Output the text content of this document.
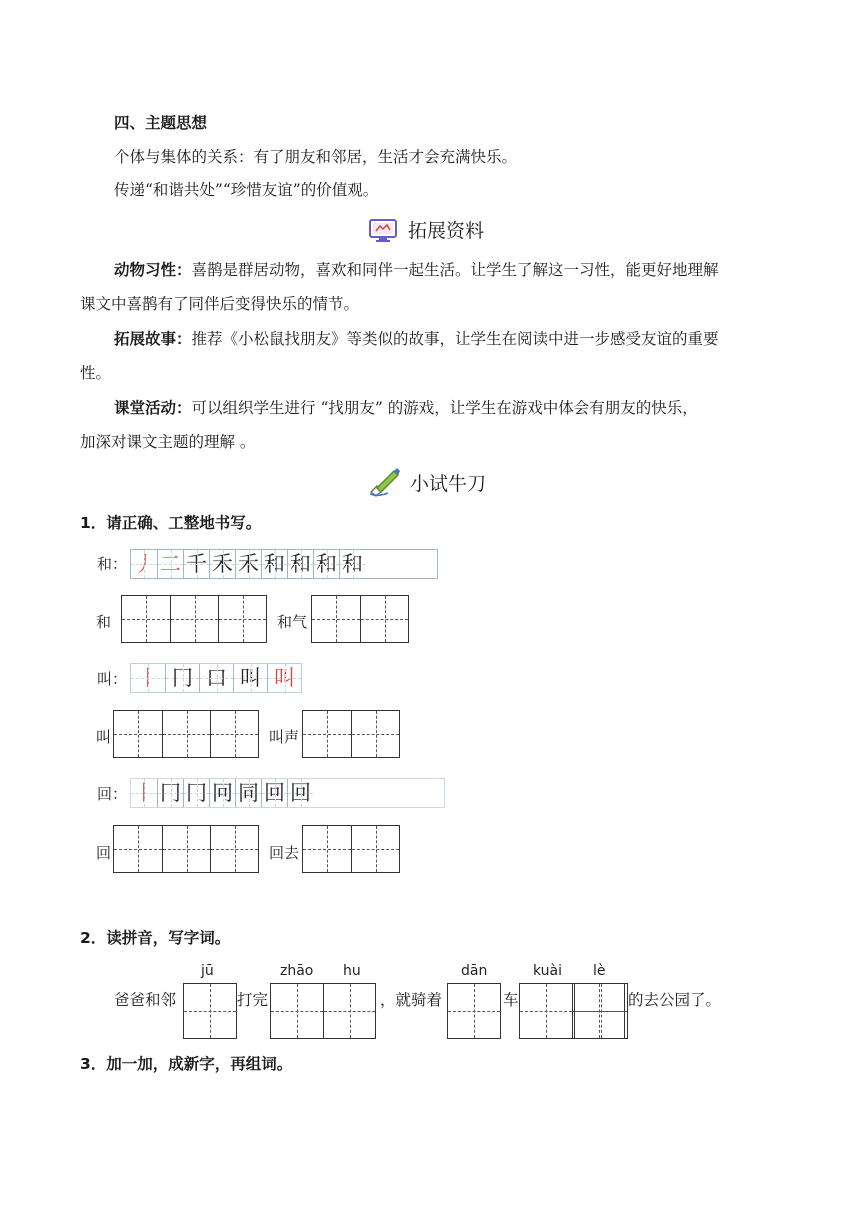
四、主题思想
个体与集体的关系：有了朋友和邻居，生活才会充满快乐。
传递“和谐共处”“珍惜友谊”的价值观。
拓展资料
动物习性：喜鹊是群居动物，喜欢和同伴一起生活。让学生了解这一习性，能更好地理解
课文中喜鹊有了同伴后变得快乐的情节。
拓展故事：推荐《小松鼠找朋友》等类似的故事，让学生在阅读中进一步感受友谊的重要
性。
课堂活动：可以组织学生进行 “找朋友” 的游戏，让学生在游戏中体会有朋友的快乐，
加深对课文主题的理解 。
小试牛刀
1．请正确、工整地书写。
和： 丿 二 千 禾 禾 和 和 和 和
和	和气
叫： 丨 冂 口 叫 叫
叫	叫声
回： 丨 冂 冂 冋 同 回 回
回	回去
2．读拼音，写字词。
jū	zhāo hu	dān	kuài lè
爸爸和邻	打完	，就骑着	车	的去公园了。
3．加一加，成新字，再组词。
